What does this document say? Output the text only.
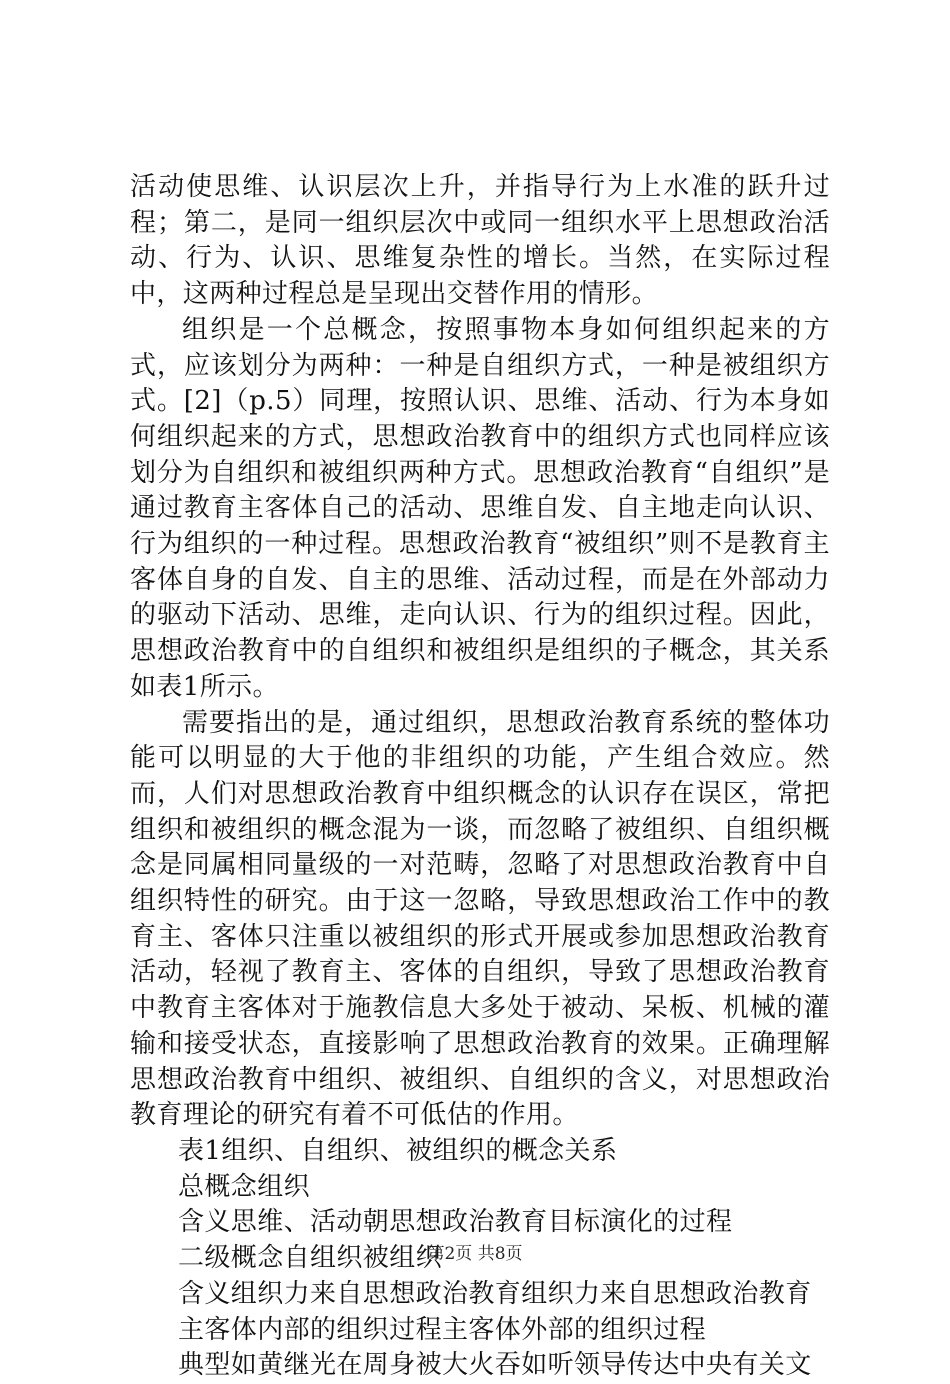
活动使思维、认识层次上升，并指导行为上水准的跃升过程；第二，是同一组织层次中或同一组织水平上思想政治活动、行为、认识、思维复杂性的增长。当然，在实际过程中，这两种过程总是呈现出交替作用的情形。

组织是一个总概念，按照事物本身如何组织起来的方式，应该划分为两种：一种是自组织方式，一种是被组织方式。[2]（p.5）同理，按照认识、思维、活动、行为本身如何组织起来的方式，思想政治教育中的组织方式也同样应该划分为自组织和被组织两种方式。思想政治教育“自组织”是通过教育主客体自己的活动、思维自发、自主地走向认识、行为组织的一种过程。思想政治教育“被组织”则不是教育主客体自身的自发、自主的思维、活动过程，而是在外部动力的驱动下活动、思维，走向认识、行为的组织过程。因此，思想政治教育中的自组织和被组织是组织的子概念，其关系如表1所示。

需要指出的是，通过组织，思想政治教育系统的整体功能可以明显的大于他的非组织的功能，产生组合效应。然而，人们对思想政治教育中组织概念的认识存在误区，常把组织和被组织的概念混为一谈，而忽略了被组织、自组织概念是同属相同量级的一对范畴，忽略了对思想政治教育中自组织特性的研究。由于这一忽略，导致思想政治工作中的教育主、客体只注重以被组织的形式开展或参加思想政治教育活动，轻视了教育主、客体的自组织，导致了思想政治教育中教育主客体对于施教信息大多处于被动、呆板、机械的灌输和接受状态，直接影响了思想政治教育的效果。正确理解思想政治教育中组织、被组织、自组织的含义，对思想政治教育理论的研究有着不可低估的作用。

表1组织、自组织、被组织的概念关系

总概念组织

含义思维、活动朝思想政治教育目标演化的过程

二级概念自组织被组织

含义组织力来自思想政治教育组织力来自思想政治教育

主客体内部的组织过程主客体外部的组织过程

典型如黄继光在周身被大火吞如听领导传达中央有关文

第2页 共8页
